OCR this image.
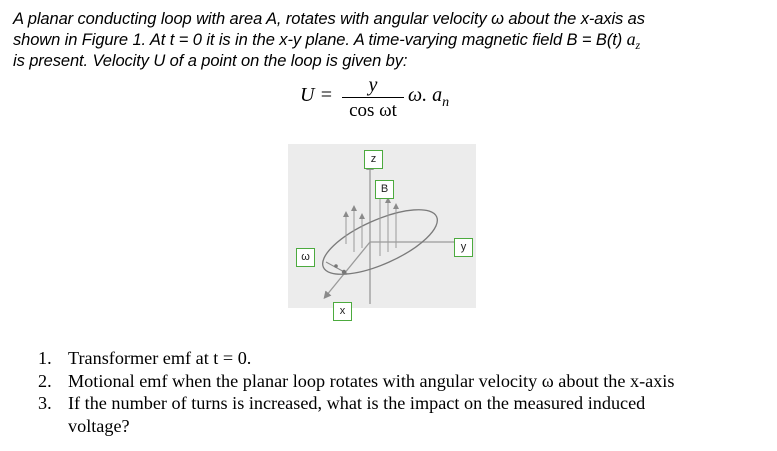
A planar conducting loop with area A, rotates with angular velocity ω about the x-axis as

shown in Figure 1. At t = 0 it is in the x-y plane. A time-varying magnetic field B = B(t) $a_z$

is present. Velocity U of a point on the loop is given by:

U =	y
cos ωt
ω. $a_n$
z
B
y
ω
x
1. Transformer emf at t = 0.
2. Motional emf when the planar loop rotates with angular velocity ω about the x-axis
3. If the number of turns is increased, what is the impact on the measured induced
voltage?
